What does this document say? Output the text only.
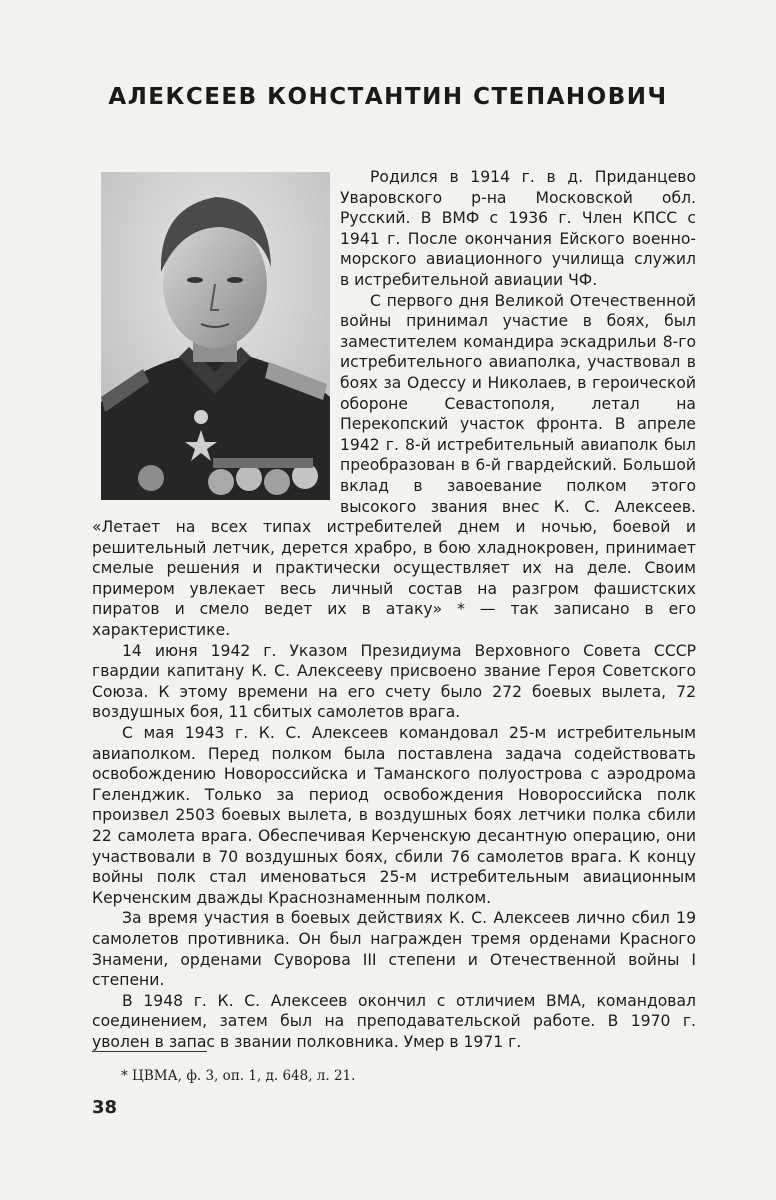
АЛЕКСЕЕВ КОНСТАНТИН СТЕПАНОВИЧ

Родился в 1914 г. в д. Приданцево Уваровского р-на Московской обл. Русский. В ВМФ с 1936 г. Член КПСС с 1941 г. После окончания Ейского военно-морского авиационного училища служил в истребительной авиации ЧФ.

С первого дня Великой Отечественной войны принимал участие в боях, был заместителем командира эскадрильи 8-го истребительного авиаполка, участвовал в боях за Одессу и Николаев, в героической обороне Севастополя, летал на Перекопский участок фронта. В апреле 1942 г. 8-й истребительный авиаполк был преобразован в 6-й гвардейский. Большой вклад в завоевание полком этого высокого звания внес К. С. Алексеев. «Летает на всех типах истребителей днем и ночью, боевой и решительный летчик, дерется храбро, в бою хладнокровен, принимает смелые решения и практически осуществляет их на деле. Своим примером увлекает весь личный состав на разгром фашистских пиратов и смело ведет их в атаку» * — так записано в его характеристике.

14 июня 1942 г. Указом Президиума Верховного Совета СССР гвардии капитану К. С. Алексееву присвоено звание Героя Советского Союза. К этому времени на его счету было 272 боевых вылета, 72 воздушных боя, 11 сбитых самолетов врага.

С мая 1943 г. К. С. Алексеев командовал 25-м истребительным авиаполком. Перед полком была поставлена задача содействовать освобождению Новороссийска и Таманского полуострова с аэродрома Геленджик. Только за период освобождения Новороссийска полк произвел 2503 боевых вылета, в воздушных боях летчики полка сбили 22 самолета врага. Обеспечивая Керченскую десантную операцию, они участвовали в 70 воздушных боях, сбили 76 самолетов врага. К концу войны полк стал именоваться 25-м истребительным авиационным Керченским дважды Краснознаменным полком.

За время участия в боевых действиях К. С. Алексеев лично сбил 19 самолетов противника. Он был награжден тремя орденами Красного Знамени, орденами Суворова III степени и Отечественной войны I степени.

В 1948 г. К. С. Алексеев окончил с отличием ВМА, командовал соединением, затем был на преподавательской работе. В 1970 г. уволен в запас в звании полковника. Умер в 1971 г.

* ЦВМА, ф. 3, оп. 1, д. 648, л. 21.
38
